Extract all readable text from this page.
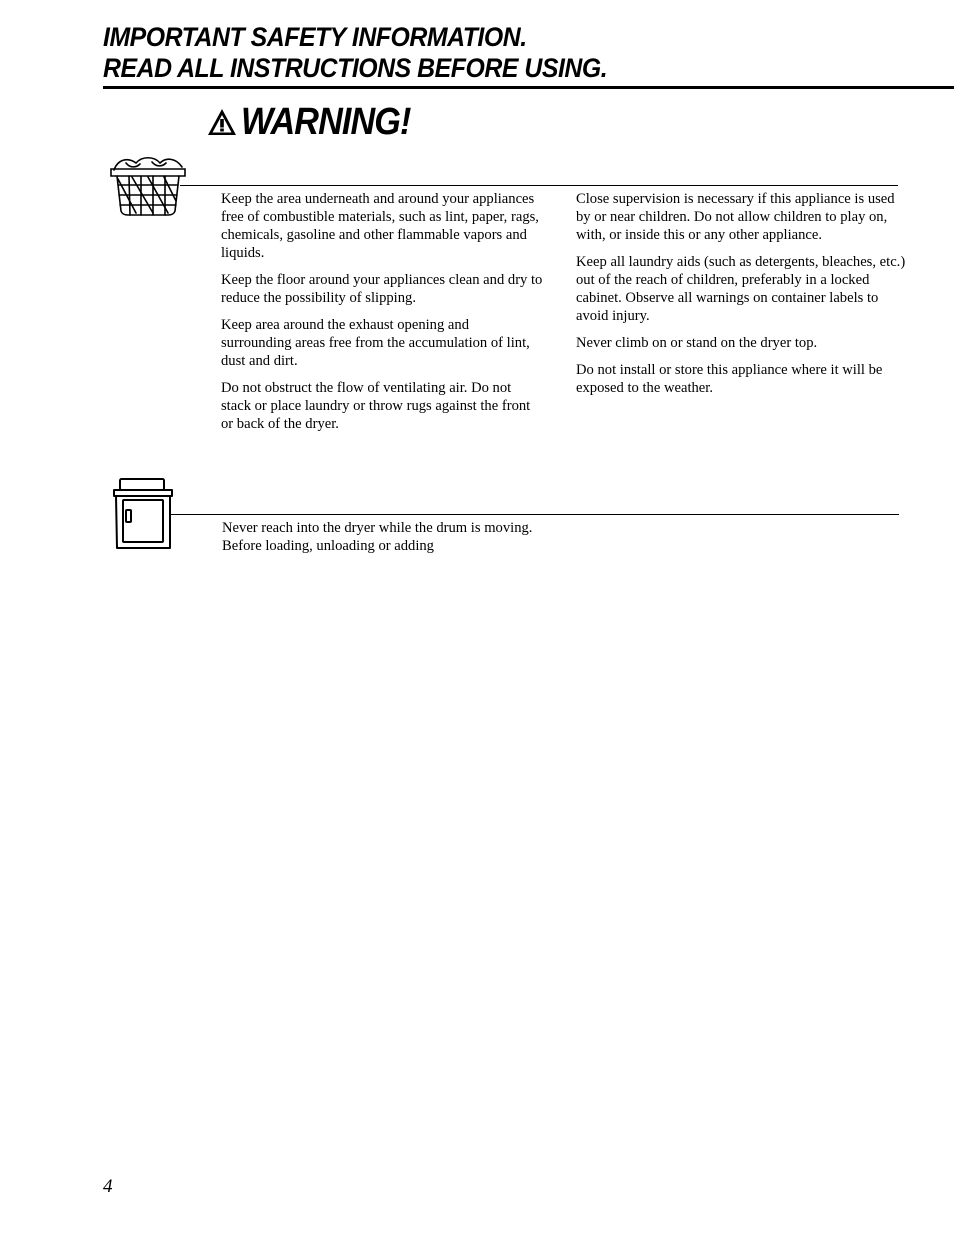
IMPORTANT SAFETY INFORMATION.
READ ALL INSTRUCTIONS BEFORE USING.
WARNING!

Keep the area underneath and around your appliances free of combustible materials, such as lint, paper, rags, chemicals, gasoline and other flammable vapors and liquids.

Keep the floor around your appliances clean and dry to reduce the possibility of slipping.

Keep area around the exhaust opening and surrounding areas free from the accumulation of lint, dust and dirt.

Do not obstruct the flow of ventilating air. Do not stack or place laundry or throw rugs against the front or back of the dryer.

Close supervision is necessary if this appliance is used by or near children. Do not allow children to play on, with, or inside this or any other appliance.

Keep all laundry aids (such as detergents, bleaches, etc.) out of the reach of children, preferably in a locked cabinet. Observe all warnings on container labels to avoid injury.

Never climb on or stand on the dryer top.

Do not install or store this appliance where it will be exposed to the weather.

Never reach into the dryer while the drum is moving. Before loading, unloading or adding

4
